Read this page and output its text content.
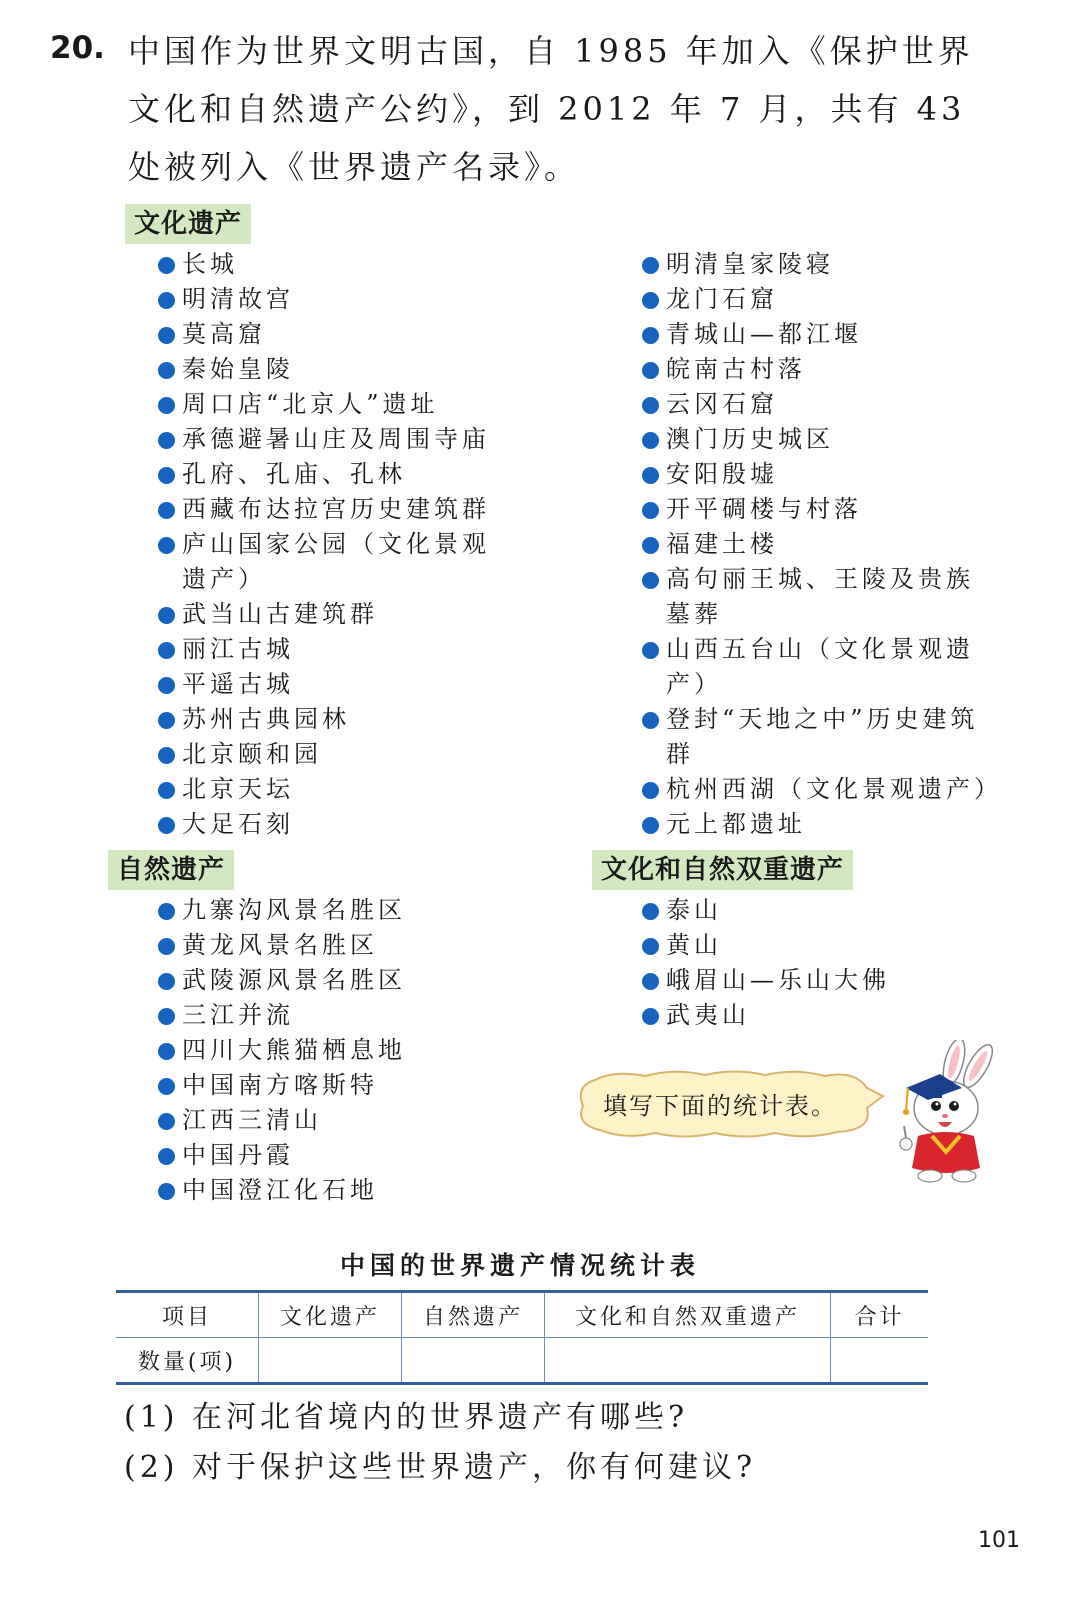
20. 中国作为世界文明古国，自 1985 年加入《保护世界文化和自然遗产公约》，到 2012 年 7 月，共有 43 处被列入《世界遗产名录》。
文化遗产
长城
明清故宫
莫高窟
秦始皇陵
周口店“北京人”遗址
承德避暑山庄及周围寺庙
孔府、孔庙、孔林
西藏布达拉宫历史建筑群
庐山国家公园（文化景观遗产）
武当山古建筑群
丽江古城
平遥古城
苏州古典园林
北京颐和园
北京天坛
大足石刻
明清皇家陵寝
龙门石窟
青城山—都江堰
皖南古村落
云冈石窟
澳门历史城区
安阳殷墟
开平碉楼与村落
福建土楼
高句丽王城、王陵及贵族墓葬
山西五台山（文化景观遗产）
登封“天地之中”历史建筑群
杭州西湖（文化景观遗产）
元上都遗址
自然遗产
九寨沟风景名胜区
黄龙风景名胜区
武陵源风景名胜区
三江并流
四川大熊猫栖息地
中国南方喀斯特
江西三清山
中国丹霞
中国澄江化石地
文化和自然双重遗产
泰山
黄山
峨眉山—乐山大佛
武夷山
填写下面的统计表。
中国的世界遗产情况统计表
项目	文化遗产	自然遗产	文化和自然双重遗产	合计
数量(项)				
(1) 在河北省境内的世界遗产有哪些?
(2) 对于保护这些世界遗产，你有何建议?
101
